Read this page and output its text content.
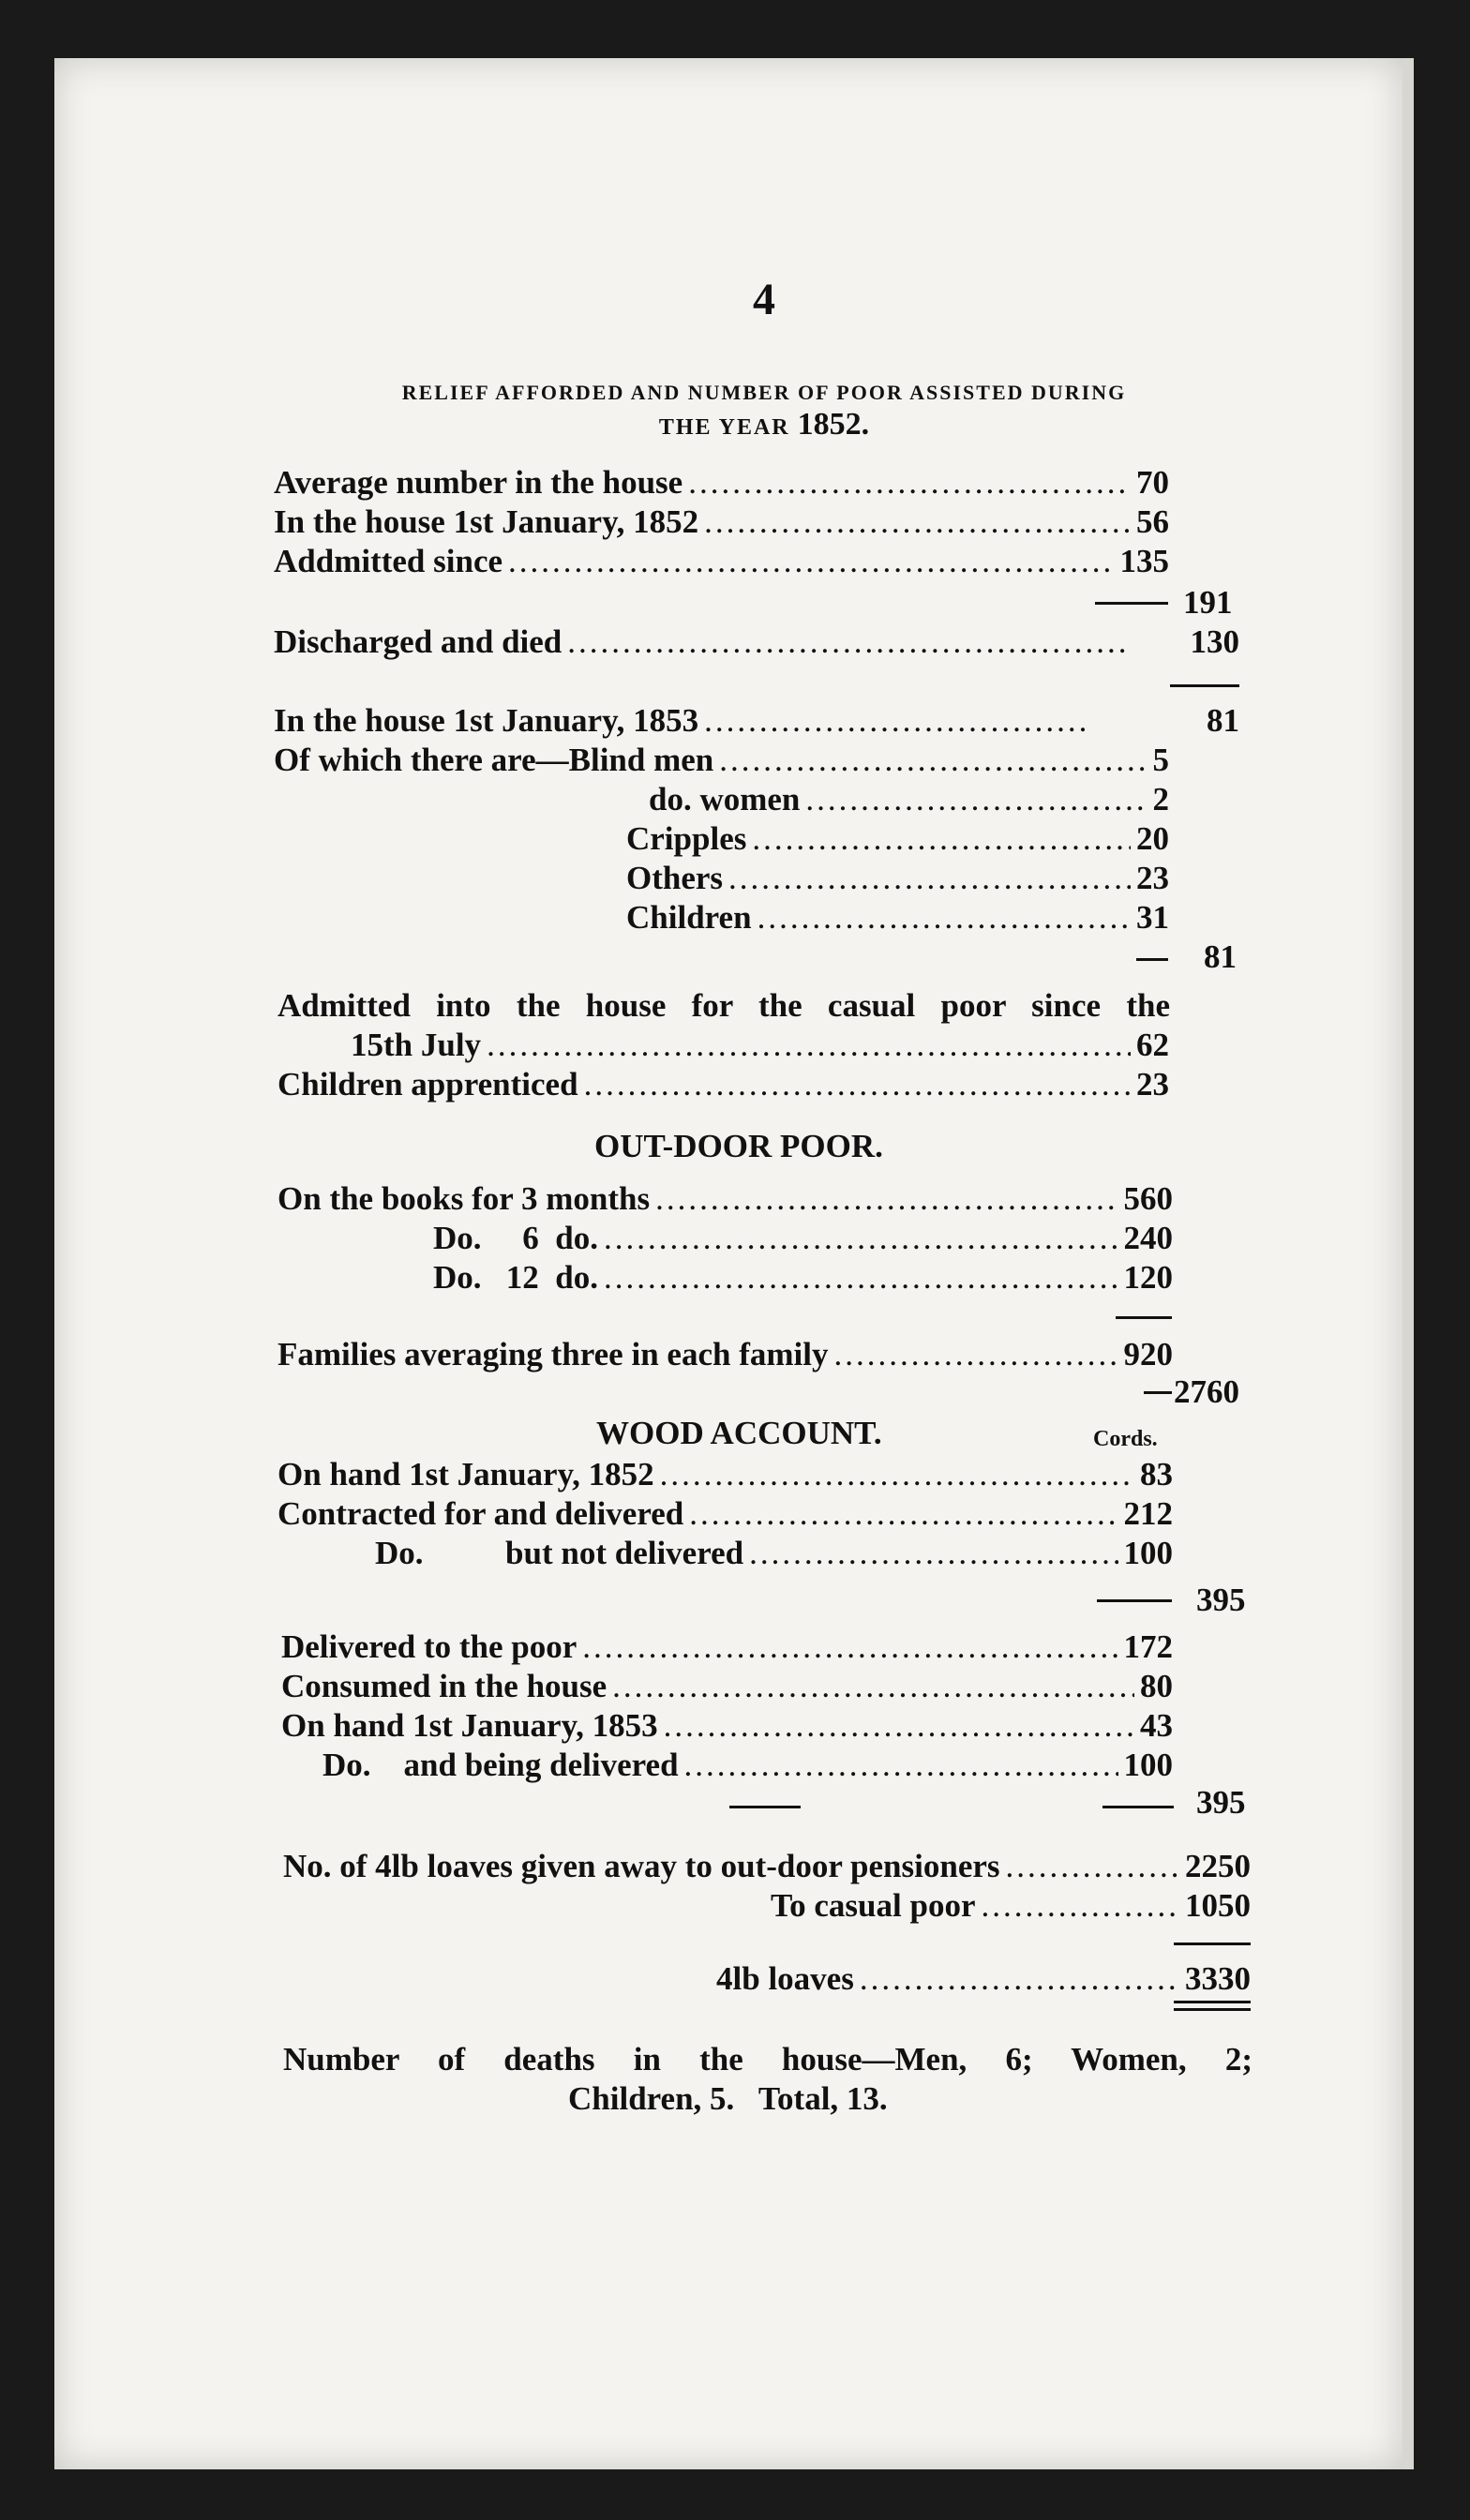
4
RELIEF AFFORDED AND NUMBER OF POOR ASSISTED DURING
THE YEAR 1852.
Average number in the house .....	70
In the house 1st January, 1852 .....	56
Addmitted since .....	135
191
Discharged and died .....	130
In the house 1st January, 1853 .....	81
Of which there are— Blind men .....	5
do. women .....	2
Cripples .....	20
Others .....	23
Children .....	31
81
Admitted into the house for the casual poor since the
15th July .....	62
Children apprenticed .....	23
OUT-DOOR POOR.
On the books for 3 months .....	560
Do.     6  do. .....	240
Do.   12  do. .....	120
Families averaging three in each family .....	920
2760
WOOD ACCOUNT.	Cords.
On hand 1st January, 1852 .....	83
Contracted for and delivered .....	212
Do.          but not delivered .....	100
395
Delivered to the poor .....	172
Consumed in the house .....	80
On hand 1st January, 1853 .....	43
Do.    and being delivered .....	100
395
No. of 4lb loaves given away to out-door pensioners .....	2250
To casual poor .....	1050
4lb loaves .....	3330
Number of deaths in the house—Men, 6; Women, 2;
Children, 5.   Total, 13.
